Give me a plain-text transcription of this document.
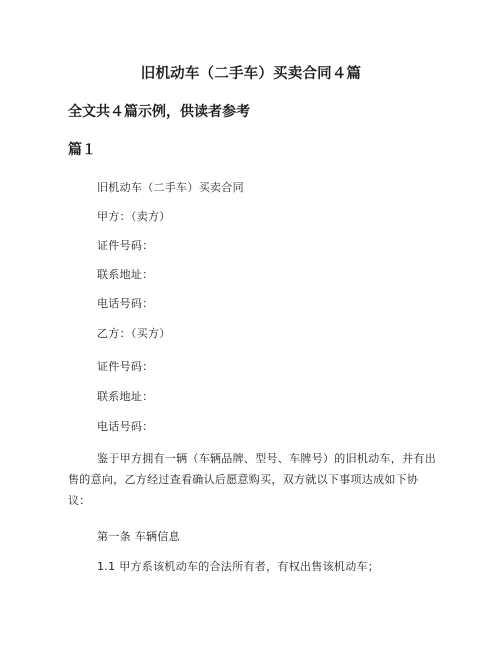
旧机动车（二手车）买卖合同４篇
全文共４篇示例，供读者参考
篇１
旧机动车（二手车）买卖合同
甲方：（卖方）
证件号码：
联系地址：
电话号码：
乙方：（买方）
证件号码：
联系地址：
电话号码：
鉴于甲方拥有一辆（车辆品牌、型号、车牌号）的旧机动车，并有出售的意向，乙方经过查看确认后愿意购买，双方就以下事项达成如下协议：
第一条 车辆信息
1.1 甲方系该机动车的合法所有者，有权出售该机动车；
